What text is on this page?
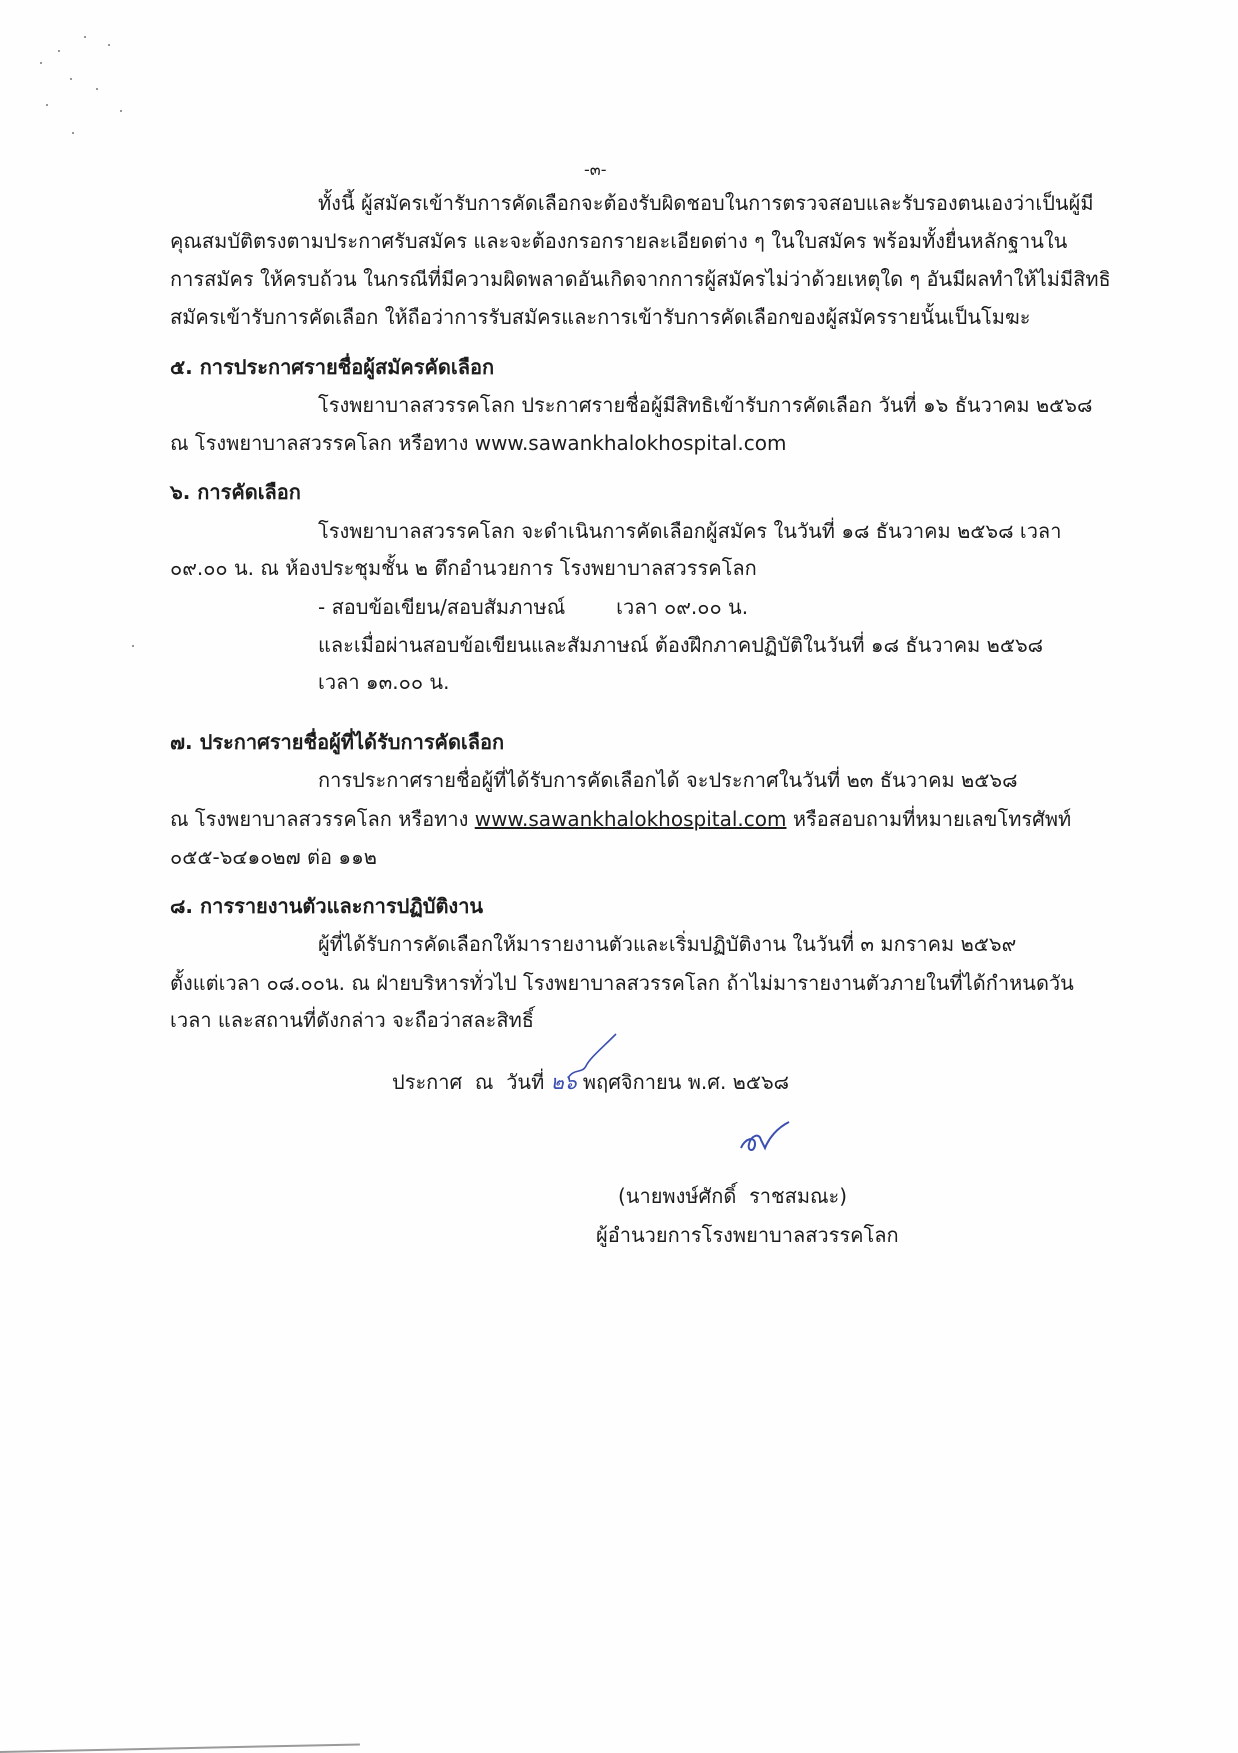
-๓-
ทั้งนี้ ผู้สมัครเข้ารับการคัดเลือกจะต้องรับผิดชอบในการตรวจสอบและรับรองตนเองว่าเป็นผู้มี
คุณสมบัติตรงตามประกาศรับสมัคร และจะต้องกรอกรายละเอียดต่าง ๆ ในใบสมัคร พร้อมทั้งยื่นหลักฐานใน
การสมัคร ให้ครบถ้วน ในกรณีที่มีความผิดพลาดอันเกิดจากการผู้สมัครไม่ว่าด้วยเหตุใด ๆ อันมีผลทำให้ไม่มีสิทธิ
สมัครเข้ารับการคัดเลือก ให้ถือว่าการรับสมัครและการเข้ารับการคัดเลือกของผู้สมัครรายนั้นเป็นโมฆะ
๕. การประกาศรายชื่อผู้สมัครคัดเลือก
โรงพยาบาลสวรรคโลก ประกาศรายชื่อผู้มีสิทธิเข้ารับการคัดเลือก วันที่ ๑๖ ธันวาคม ๒๕๖๘
ณ โรงพยาบาลสวรรคโลก หรือทาง www.sawankhalokhospital.com
๖. การคัดเลือก
โรงพยาบาลสวรรคโลก จะดำเนินการคัดเลือกผู้สมัคร ในวันที่ ๑๘ ธันวาคม ๒๕๖๘ เวลา
๐๙.๐๐ น. ณ ห้องประชุมชั้น ๒ ตึกอำนวยการ โรงพยาบาลสวรรคโลก
- สอบข้อเขียน/สอบสัมภาษณ์        เวลา ๐๙.๐๐ น.
และเมื่อผ่านสอบข้อเขียนและสัมภาษณ์ ต้องฝึกภาคปฏิบัติในวันที่ ๑๘ ธันวาคม ๒๕๖๘
เวลา ๑๓.๐๐ น.
๗. ประกาศรายชื่อผู้ที่ได้รับการคัดเลือก
การประกาศรายชื่อผู้ที่ได้รับการคัดเลือกได้ จะประกาศในวันที่ ๒๓ ธันวาคม ๒๕๖๘
ณ โรงพยาบาลสวรรคโลก หรือทาง www.sawankhalokhospital.com หรือสอบถามที่หมายเลขโทรศัพท์
๐๕๕-๖๔๑๐๒๗ ต่อ ๑๑๒
๘. การรายงานตัวและการปฏิบัติงาน
ผู้ที่ได้รับการคัดเลือกให้มารายงานตัวและเริ่มปฏิบัติงาน ในวันที่ ๓ มกราคม ๒๕๖๙
ตั้งแต่เวลา ๐๘.๐๐น. ณ ฝ่ายบริหารทั่วไป โรงพยาบาลสวรรคโลก ถ้าไม่มารายงานตัวภายในที่ได้กำหนดวัน
เวลา และสถานที่ดังกล่าว จะถือว่าสละสิทธิ์
ประกาศ  ณ  วันที่ ๒๖ พฤศจิกายน พ.ศ. ๒๕๖๘
(นายพงษ์ศักดิ์  ราชสมณะ)
ผู้อำนวยการโรงพยาบาลสวรรคโลก
